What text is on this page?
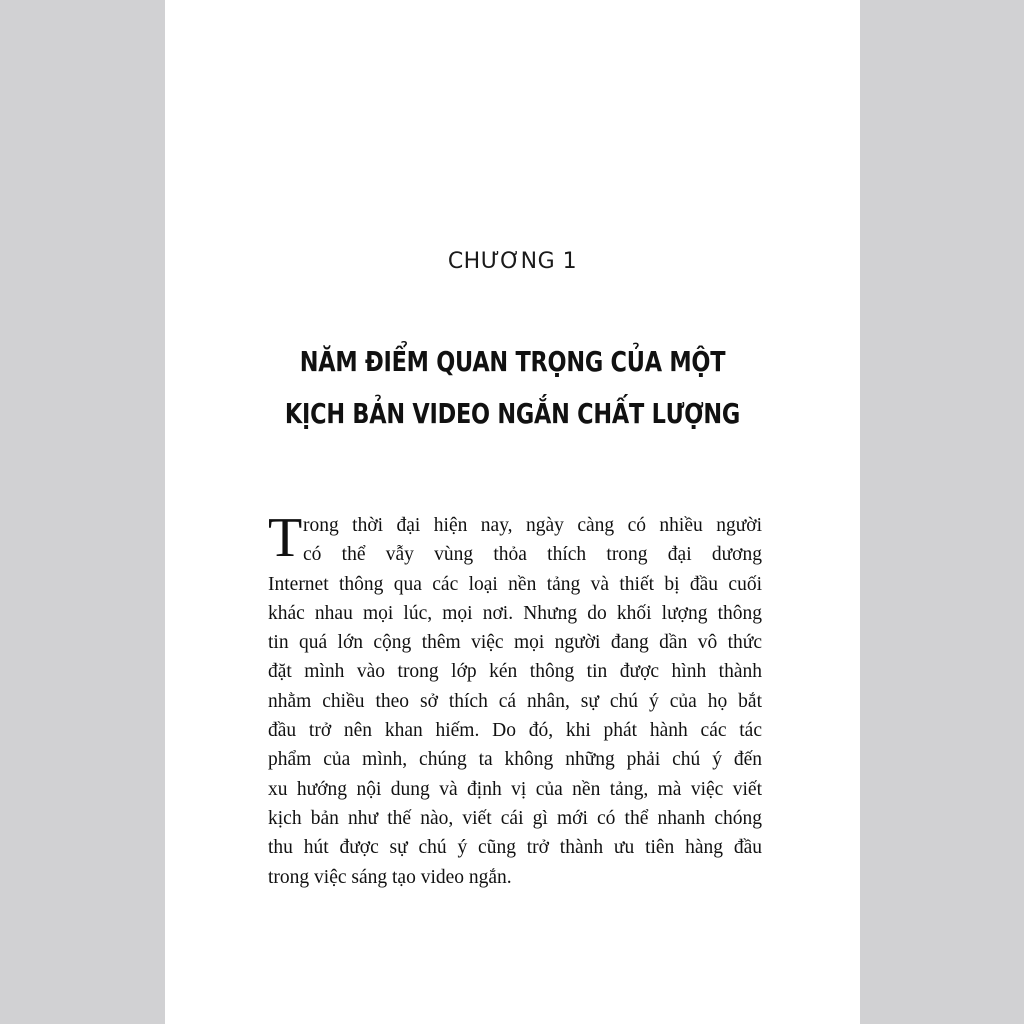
CHƯƠNG 1
NĂM ĐIỂM QUAN TRỌNG CỦA MỘT
KỊCH BẢN VIDEO NGẮN CHẤT LƯỢNG
T rong thời đại hiện nay, ngày càng có nhiều người
có thể vẫy vùng thỏa thích trong đại dương
Internet thông qua các loại nền tảng và thiết bị đầu cuối
khác nhau mọi lúc, mọi nơi. Nhưng do khối lượng thông
tin quá lớn cộng thêm việc mọi người đang dần vô thức
đặt mình vào trong lớp kén thông tin được hình thành
nhằm chiều theo sở thích cá nhân, sự chú ý của họ bắt
đầu trở nên khan hiếm. Do đó, khi phát hành các tác
phẩm của mình, chúng ta không những phải chú ý đến
xu hướng nội dung và định vị của nền tảng, mà việc viết
kịch bản như thế nào, viết cái gì mới có thể nhanh chóng
thu hút được sự chú ý cũng trở thành ưu tiên hàng đầu
trong việc sáng tạo video ngắn.
